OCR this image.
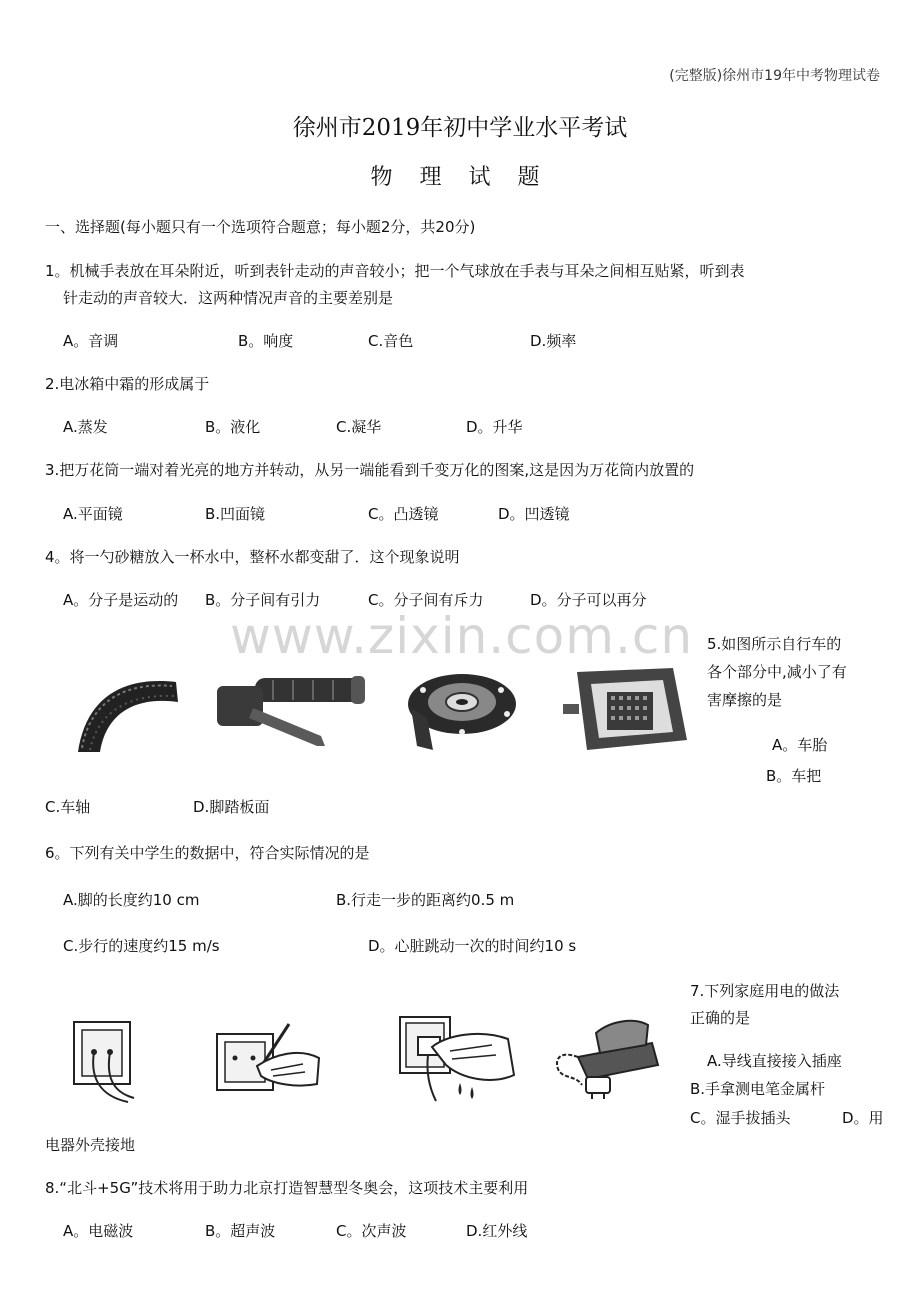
(完整版)徐州市19年中考物理试卷
徐州市2019年初中学业水平考试
物 理 试 题
一、选择题(每小题只有一个选项符合题意；每小题2分，共20分)
1。机械手表放在耳朵附近，听到表针走动的声音较小；把一个气球放在手表与耳朵之间相互贴紧，听到表
针走动的声音较大．这两种情况声音的主要差别是
A。音调	B。响度	C.音色	D.频率
2.电冰箱中霜的形成属于
A.蒸发	B。液化	C.凝华	D。升华
3.把万花筒一端对着光亮的地方并转动，从另一端能看到千变万化的图案,这是因为万花筒内放置的
A.平面镜	B.凹面镜	C。凸透镜	D。凹透镜
4。将一勺砂糖放入一杯水中，整杯水都变甜了．这个现象说明
A。分子是运动的 B。分子间有引力	C。分子间有斥力	D。分子可以再分
www.zixin.com.cn 5.如图所示自行车的
各个部分中,减小了有
害摩擦的是
A。车胎
B。车把
C.车轴	D.脚踏板面
6。下列有关中学生的数据中，符合实际情况的是
A.脚的长度约10 cm	B.行走一步的距离约0.5 m
C.步行的速度约15 m/s	D。心脏跳动一次的时间约10 s
7.下列家庭用电的做法
正确的是
A.导线直接接入插座
B.手拿测电笔金属杆
C。湿手拔插头	D。用
电器外壳接地
8.“北斗+5G”技术将用于助力北京打造智慧型冬奥会，这项技术主要利用
A。电磁波	B。超声波	C。次声波	D.红外线
